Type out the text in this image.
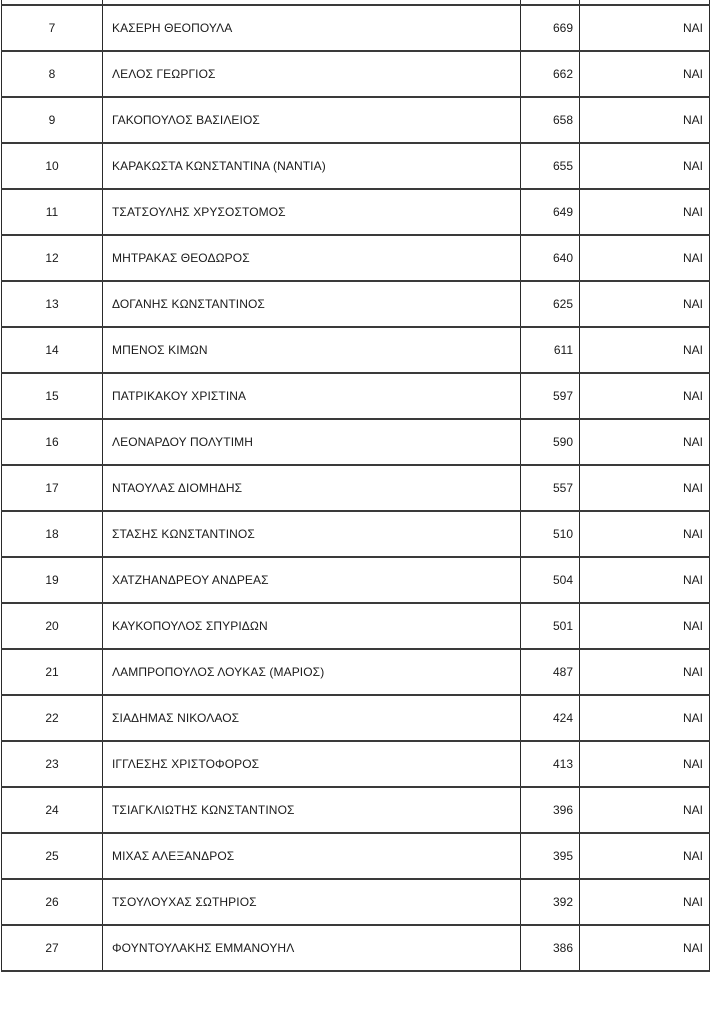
7	ΚΑΣΕΡΗ ΘΕΟΠΟΥΛΑ	669	ΝΑΙ
8	ΛΕΛΟΣ ΓΕΩΡΓΙΟΣ	662	ΝΑΙ
9	ΓΑΚΟΠΟΥΛΟΣ ΒΑΣΙΛΕΙΟΣ	658	ΝΑΙ
10	ΚΑΡΑΚΩΣΤΑ ΚΩΝΣΤΑΝΤΙΝΑ (ΝΑΝΤΙΑ)	655	ΝΑΙ
11	ΤΣΑΤΣΟΥΛΗΣ ΧΡΥΣΟΣΤΟΜΟΣ	649	ΝΑΙ
12	ΜΗΤΡΑΚΑΣ ΘΕΟΔΩΡΟΣ	640	ΝΑΙ
13	ΔΟΓΑΝΗΣ ΚΩΝΣΤΑΝΤΙΝΟΣ	625	ΝΑΙ
14	ΜΠΕΝΟΣ ΚΙΜΩΝ	611	ΝΑΙ
15	ΠΑΤΡΙΚΑΚΟΥ ΧΡΙΣΤΙΝΑ	597	ΝΑΙ
16	ΛΕΟΝΑΡΔΟΥ ΠΟΛΥΤΙΜΗ	590	ΝΑΙ
17	ΝΤΑΟΥΛΑΣ ΔΙΟΜΗΔΗΣ	557	ΝΑΙ
18	ΣΤΑΣΗΣ ΚΩΝΣΤΑΝΤΙΝΟΣ	510	ΝΑΙ
19	ΧΑΤΖΗΑΝΔΡΕΟΥ ΑΝΔΡΕΑΣ	504	ΝΑΙ
20	ΚΑΥΚΟΠΟΥΛΟΣ ΣΠΥΡΙΔΩΝ	501	ΝΑΙ
21	ΛΑΜΠΡΟΠΟΥΛΟΣ ΛΟΥΚΑΣ (ΜΑΡΙΟΣ)	487	ΝΑΙ
22	ΣΙΑΔΗΜΑΣ ΝΙΚΟΛΑΟΣ	424	ΝΑΙ
23	ΙΓΓΛΕΣΗΣ ΧΡΙΣΤΟΦΟΡΟΣ	413	ΝΑΙ
24	ΤΣΙΑΓΚΛΙΩΤΗΣ ΚΩΝΣΤΑΝΤΙΝΟΣ	396	ΝΑΙ
25	ΜΙΧΑΣ ΑΛΕΞΑΝΔΡΟΣ	395	ΝΑΙ
26	ΤΣΟΥΛΟΥΧΑΣ ΣΩΤΗΡΙΟΣ	392	ΝΑΙ
27	ΦΟΥΝΤΟΥΛΑΚΗΣ ΕΜΜΑΝΟΥΗΛ	386	ΝΑΙ
